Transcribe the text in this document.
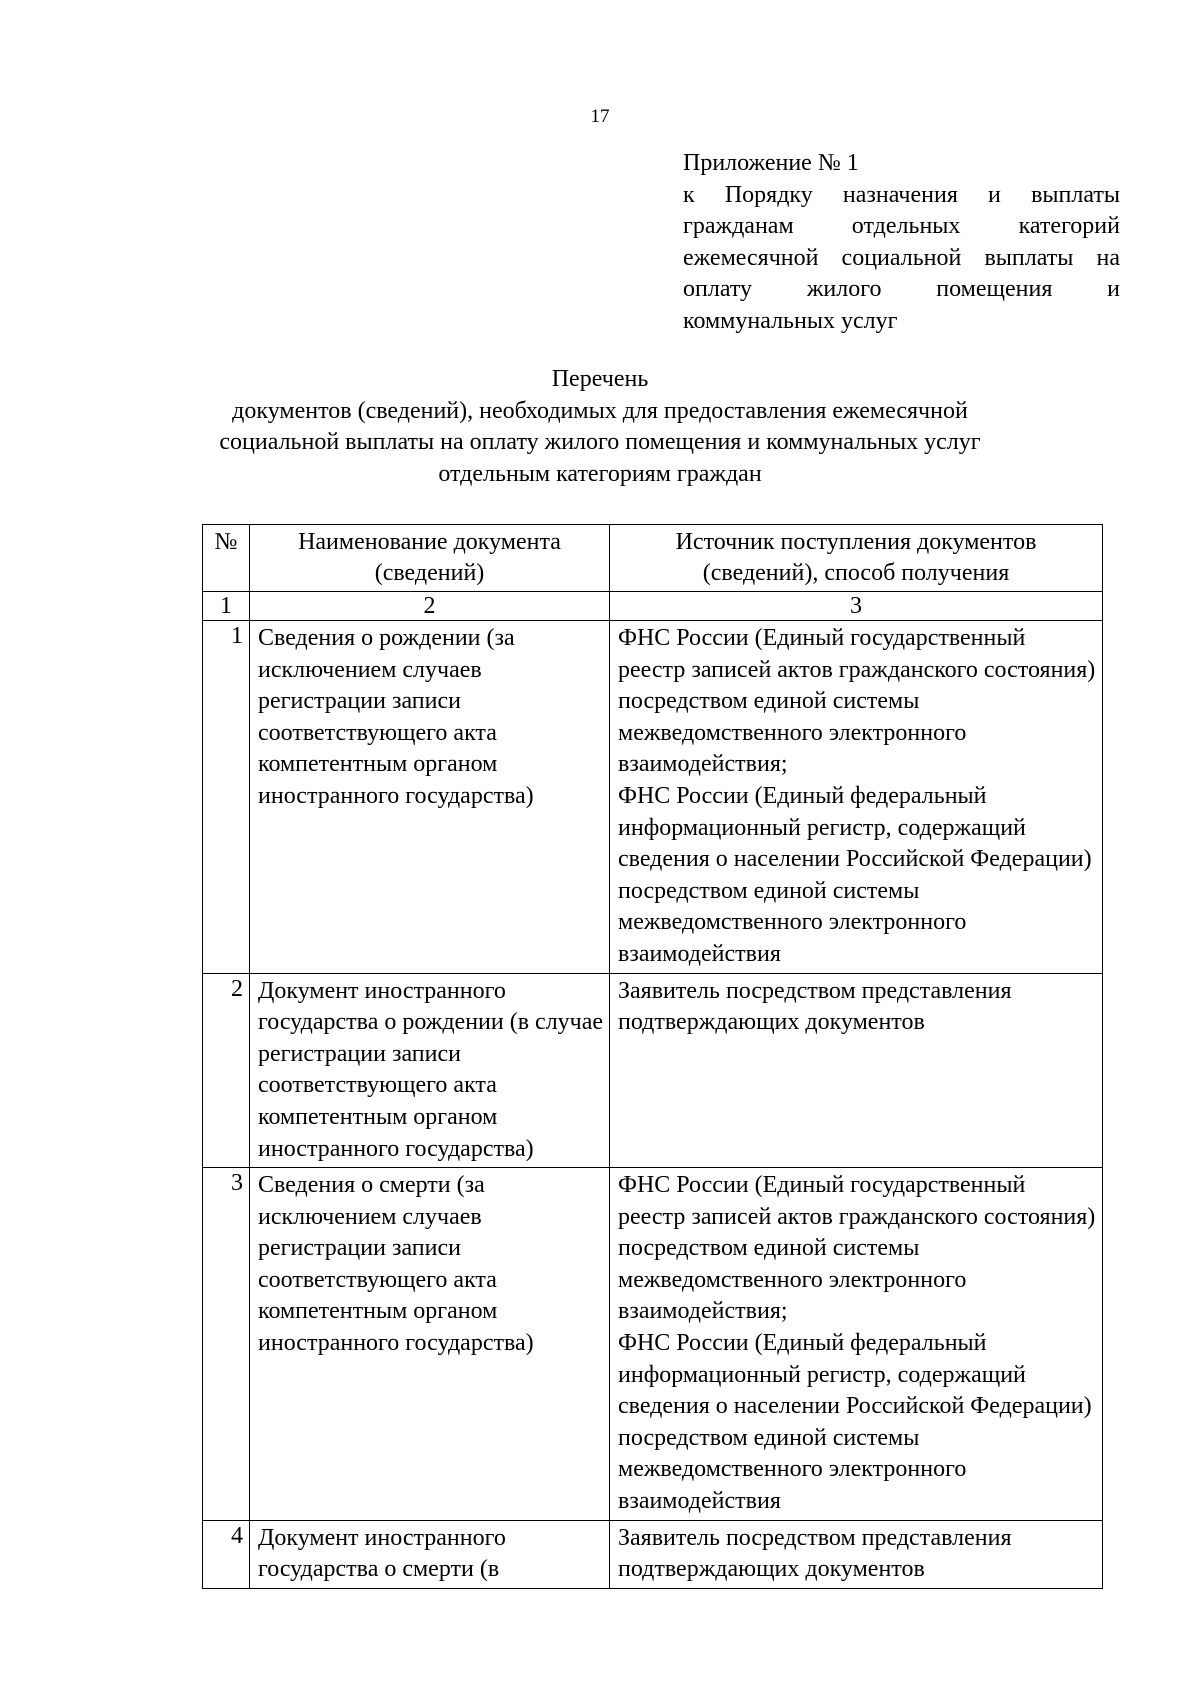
17
Приложение № 1
к Порядку назначения и выплаты гражданам отдельных категорий ежемесячной социальной выплаты на оплату жилого помещения и коммунальных услуг
Перечень
документов (сведений), необходимых для предоставления ежемесячной
социальной выплаты на оплату жилого помещения и коммунальных услуг
отдельным категориям граждан
№	Наименование документа (сведений)	Источник поступления документов (сведений), способ получения
1	2	3
1	Сведения о рождении (за исключением случаев регистрации записи соответствующего акта компетентным органом иностранного государства)	ФНС России (Единый государственный реестр записей актов гражданского состояния) посредством единой системы межведомственного электронного взаимодействия;
ФНС России (Единый федеральный информационный регистр, содержащий сведения о населении Российской Федерации) посредством единой системы межведомственного электронного взаимодействия
2	Документ иностранного государства о рождении (в случае регистрации записи соответствующего акта компетентным органом иностранного государства)	Заявитель посредством представления подтверждающих документов
3	Сведения о смерти (за исключением случаев регистрации записи соответствующего акта компетентным органом иностранного государства)	ФНС России (Единый государственный реестр записей актов гражданского состояния) посредством единой системы межведомственного электронного взаимодействия;
ФНС России (Единый федеральный информационный регистр, содержащий сведения о населении Российской Федерации) посредством единой системы межведомственного электронного взаимодействия
4	Документ иностранного государства о смерти (в	Заявитель посредством представления подтверждающих документов
